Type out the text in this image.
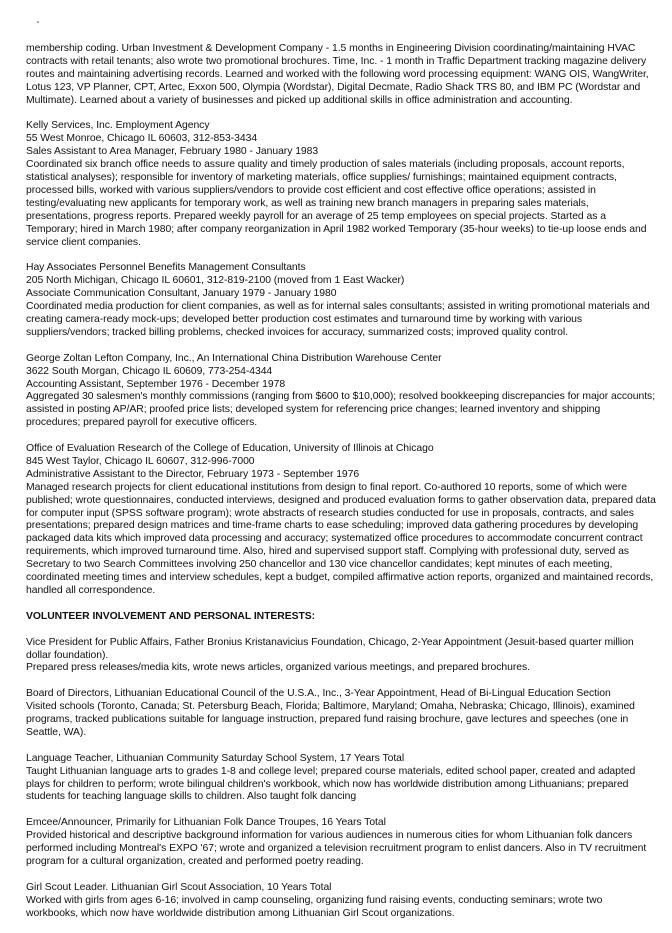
membership coding. Urban Investment & Development Company - 1.5 months in Engineering Division coordinating/maintaining HVAC contracts with retail tenants; also wrote two promotional brochures. Time, Inc. - 1 month in Traffic Department tracking magazine delivery routes and maintaining advertising records. Learned and worked with the following word processing equipment: WANG OIS, WangWriter, Lotus 123, VP Planner, CPT, Artec, Exxon 500, Olympia (Wordstar), Digital Decmate, Radio Shack TRS 80, and IBM PC (Wordstar and Multimate). Learned about a variety of businesses and picked up additional skills in office administration and accounting.
Kelly Services, Inc. Employment Agency
55 West Monroe, Chicago IL 60603, 312-853-3434
Sales Assistant to Area Manager, February 1980 - January 1983
Coordinated six branch office needs to assure quality and timely production of sales materials (including proposals, account reports, statistical analyses); responsible for inventory of marketing materials, office supplies/ furnishings; maintained equipment contracts, processed bills, worked with various suppliers/vendors to provide cost efficient and cost effective office operations; assisted in testing/evaluating new applicants for temporary work, as well as training new branch managers in preparing sales materials, presentations, progress reports. Prepared weekly payroll for an average of 25 temp employees on special projects. Started as a Temporary; hired in March 1980; after company reorganization in April 1982 worked Temporary (35-hour weeks) to tie-up loose ends and service client companies.
Hay Associates Personnel Benefits Management Consultants
205 North Michigan, Chicago IL 60601, 312-819-2100 (moved from 1 East Wacker)
Associate Communication Consultant, January 1979 - January 1980
Coordinated media production for client companies, as well as for internal sales consultants; assisted in writing promotional materials and creating camera-ready mock-ups; developed better production cost estimates and turnaround time by working with various suppliers/vendors; tracked billing problems, checked invoices for accuracy, summarized costs; improved quality control.
George Zoltan Lefton Company, Inc., An International China Distribution Warehouse Center
3622 South Morgan, Chicago IL 60609, 773-254-4344
Accounting Assistant, September 1976 - December 1978
Aggregated 30 salesmen's monthly commissions (ranging from $600 to $10,000); resolved bookkeeping discrepancies for major accounts; assisted in posting AP/AR; proofed price lists; developed system for referencing price changes; learned inventory and shipping procedures; prepared payroll for executive officers.
Office of Evaluation Research of the College of Education, University of Illinois at Chicago
845 West Taylor, Chicago IL 60607, 312-996-7000
Administrative Assistant to the Director, February 1973 - September 1976
Managed research projects for client educational institutions from design to final report. Co-authored 10 reports, some of which were published; wrote questionnaires, conducted interviews, designed and produced evaluation forms to gather observation data, prepared data for computer input (SPSS software program); wrote abstracts of research studies conducted for use in proposals, contracts, and sales presentations; prepared design matrices and time-frame charts to ease scheduling; improved data gathering procedures by developing packaged data kits which improved data processing and accuracy; systematized office procedures to accommodate concurrent contract requirements, which improved turnaround time. Also, hired and supervised support staff. Complying with professional duty, served as Secretary to two Search Committees involving 250 chancellor and 130 vice chancellor candidates; kept minutes of each meeting, coordinated meeting times and interview schedules, kept a budget, compiled affirmative action reports, organized and maintained records, handled all correspondence.
VOLUNTEER INVOLVEMENT AND PERSONAL INTERESTS:
Vice President for Public Affairs, Father Bronius Kristanavicius Foundation, Chicago, 2-Year Appointment (Jesuit-based quarter million dollar foundation).
Prepared press releases/media kits, wrote news articles, organized various meetings, and prepared brochures.
Board of Directors, Lithuanian Educational Council of the U.S.A., Inc., 3-Year Appointment, Head of Bi-Lingual Education Section
Visited schools (Toronto, Canada; St. Petersburg Beach, Florida; Baltimore, Maryland; Omaha, Nebraska; Chicago, Illinois), examined programs, tracked publications suitable for language instruction, prepared fund raising brochure, gave lectures and speeches (one in Seattle, WA).
Language Teacher, Lithuanian Community Saturday School System, 17 Years Total
Taught Lithuanian language arts to grades 1-8 and college level; prepared course materials, edited school paper, created and adapted plays for children to perform; wrote bilingual children's workbook, which now has worldwide distribution among Lithuanians; prepared students for teaching language skills to children. Also taught folk dancing
Emcee/Announcer, Primarily for Lithuanian Folk Dance Troupes, 16 Years Total
Provided historical and descriptive background information for various audiences in numerous cities for whom Lithuanian folk dancers performed including Montreal's EXPO '67; wrote and organized a television recruitment program to enlist dancers. Also in TV recruitment program for a cultural organization, created and performed poetry reading.
Girl Scout Leader. Lithuanian Girl Scout Association, 10 Years Total
Worked with girls from ages 6-16; involved in camp counseling, organizing fund raising events, conducting seminars; wrote two workbooks, which now have worldwide distribution among Lithuanian Girl Scout organizations.
